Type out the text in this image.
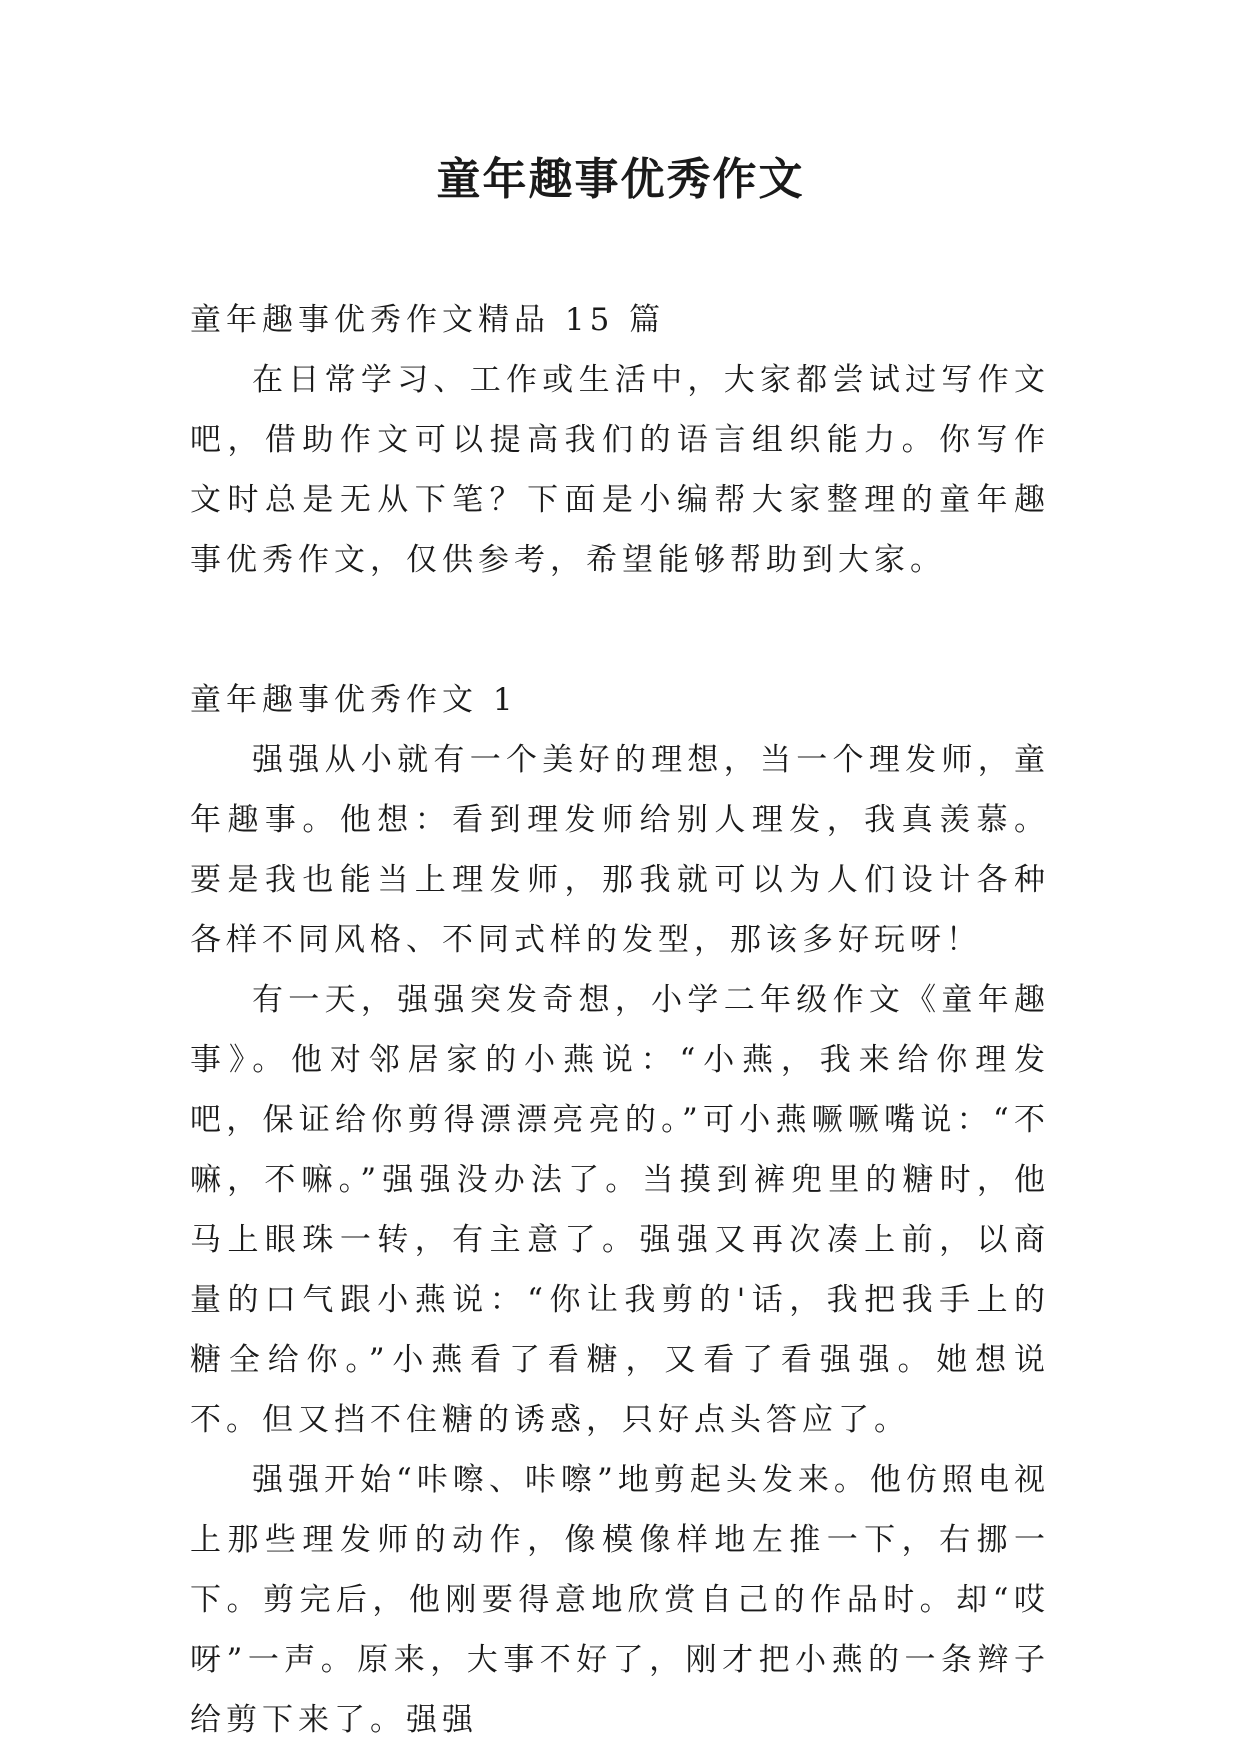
童年趣事优秀作文

童年趣事优秀作文精品 15 篇

在日常学习、工作或生活中，大家都尝试过写作文吧，借助作文可以提高我们的语言组织能力。你写作文时总是无从下笔？下面是小编帮大家整理的童年趣事优秀作文，仅供参考，希望能够帮助到大家。

童年趣事优秀作文 1

强强从小就有一个美好的理想，当一个理发师，童年趣事。他想：看到理发师给别人理发，我真羡慕。要是我也能当上理发师，那我就可以为人们设计各种各样不同风格、不同式样的发型，那该多好玩呀！

有一天，强强突发奇想，小学二年级作文《童年趣事》。他对邻居家的小燕说：“小燕，我来给你理发吧，保证给你剪得漂漂亮亮的。”可小燕噘噘嘴说：“不嘛，不嘛。”强强没办法了。当摸到裤兜里的糖时，他马上眼珠一转，有主意了。强强又再次凑上前，以商量的口气跟小燕说：“你让我剪的'话，我把我手上的糖全给你。”小燕看了看糖，又看了看强强。她想说不。但又挡不住糖的诱惑，只好点头答应了。

强强开始“咔嚓、咔嚓”地剪起头发来。他仿照电视上那些理发师的动作，像模像样地左推一下，右挪一下。剪完后，他刚要得意地欣赏自己的作品时。却“哎呀”一声。原来，大事不好了，刚才把小燕的一条辫子给剪下来了。强强
